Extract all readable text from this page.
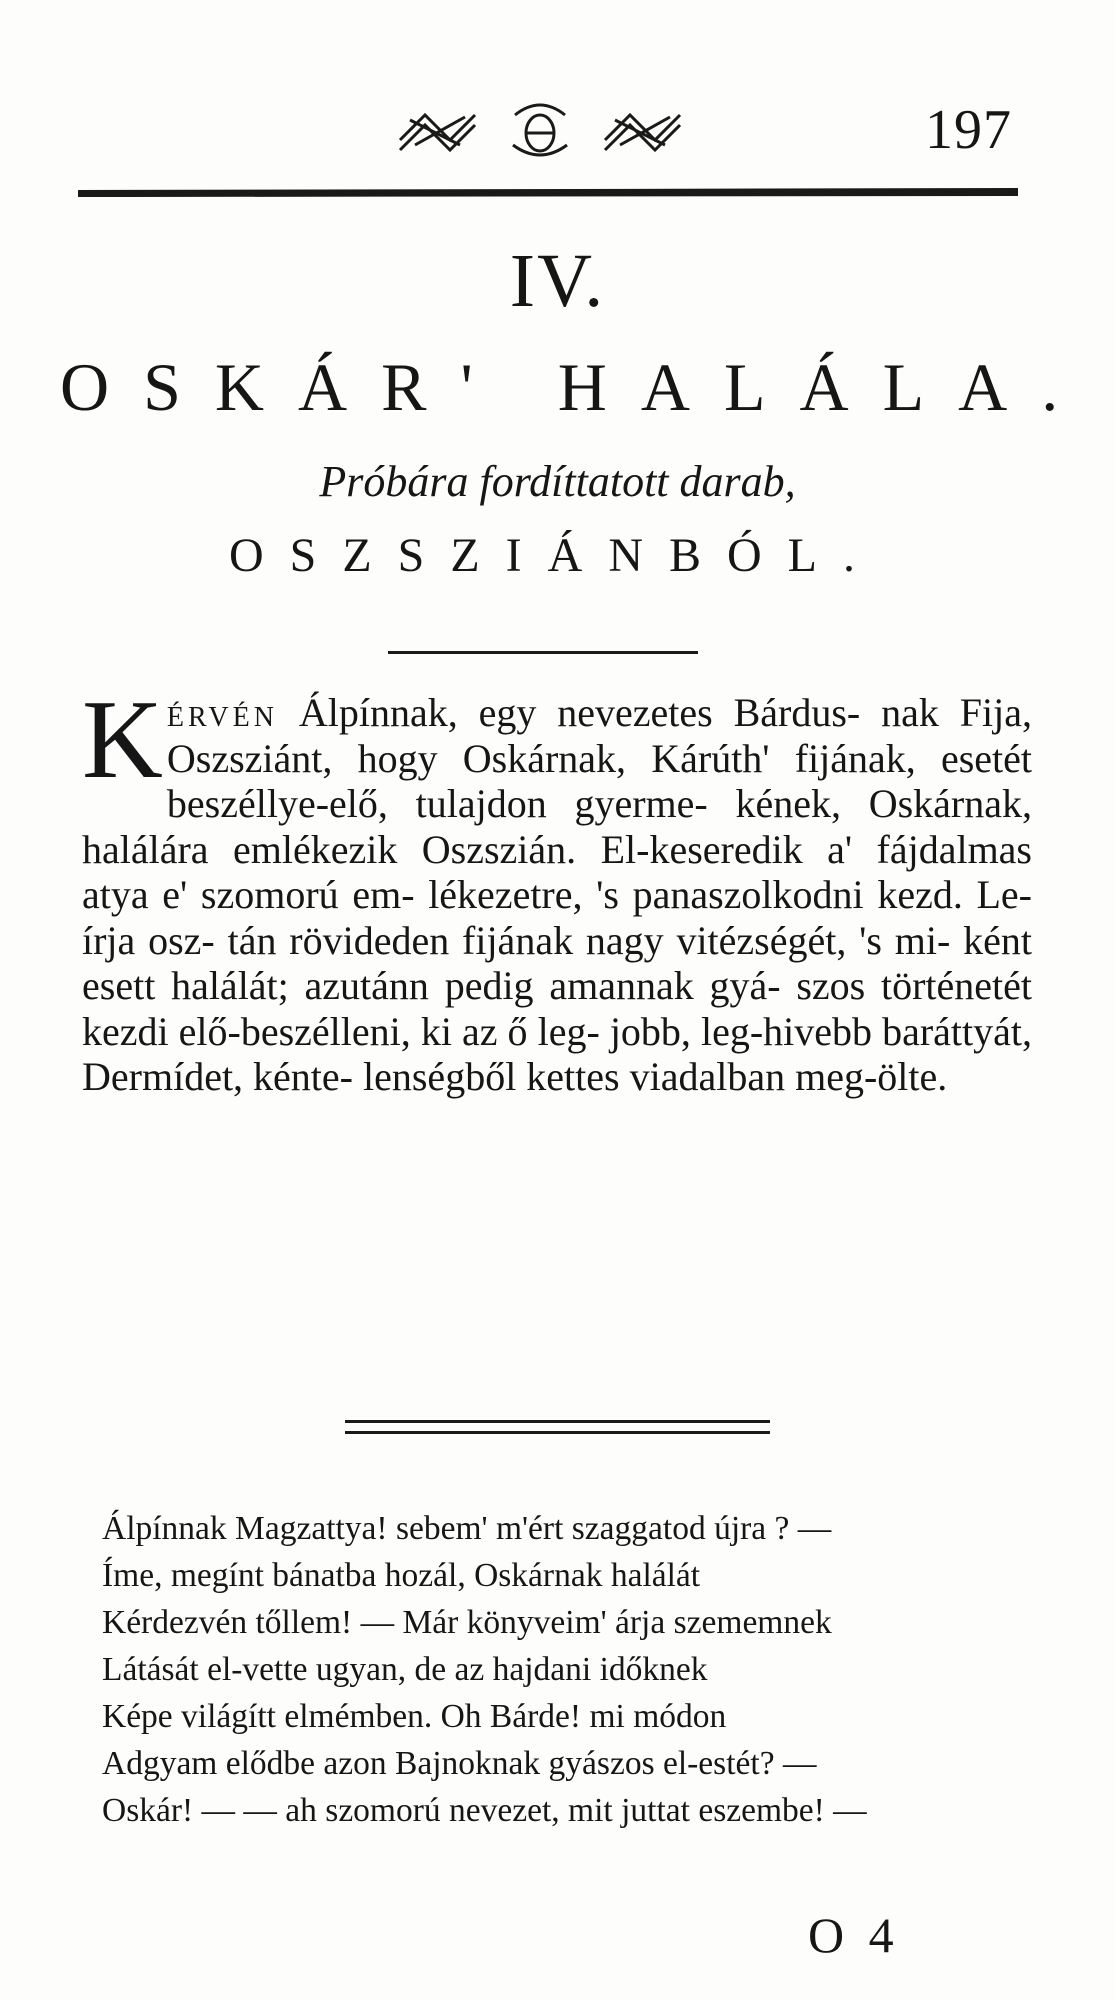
197
IV.
OSKÁR' HALÁLA.
Próbára fordíttatott darab,
OSZSZIÁNBÓL.
Kérvén Álpínnak, egy nevezetes Bárdus- nak Fija, Oszsziánt, hogy Oskárnak, Kárúth' fijának, esetét beszéllye-elő, tulajdon gyerme- kének, Oskárnak, halálára emlékezik Oszszián. El-keseredik a' fájdalmas atya e' szomorú em- lékezetre, 's panaszolkodni kezd. Le-írja osz- tán rövideden fijának nagy vitézségét, 's mi- ként esett halálát; azutánn pedig amannak gyá- szos történetét kezdi elő-beszélleni, ki az ő leg- jobb, leg-hivebb baráttyát, Dermídet, kénte- lenségből kettes viadalban meg-ölte.
Álpínnak Magzattya! sebem' m'ért szaggatod újra ? —
Íme, megínt bánatba hozál, Oskárnak halálát
Kérdezvén tőllem! — Már könyveim' árja szememnek
Látását el-vette ugyan, de az hajdani időknek
Képe világítt elmémben. Oh Bárde! mi módon
Adgyam elődbe azon Bajnoknak gyászos el-estét? —
Oskár! — — ah szomorú nevezet, mit juttat eszembe! —
O 4
